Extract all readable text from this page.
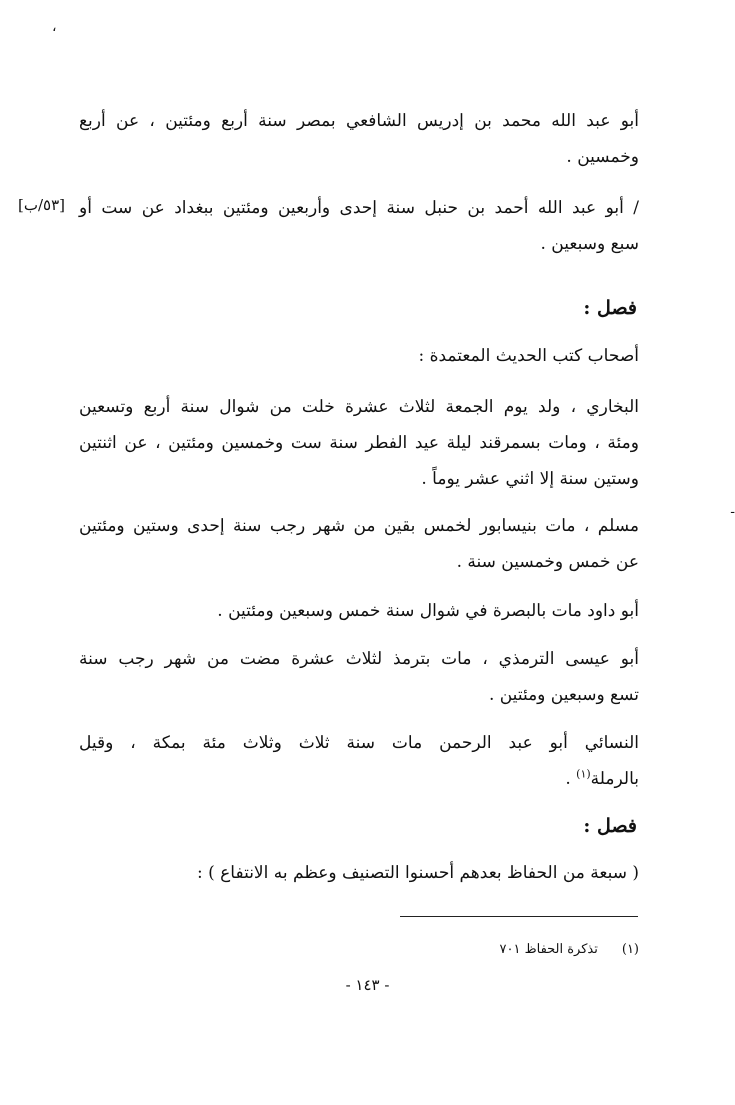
،
-
أبو عبد الله محمد بن إدريس الشافعي بمصر سنة أربع ومئتين ، عن أربع
وخمسين .
/ أبو عبد الله أحمد بن حنبل سنة إحدى وأربعين ومئتين ببغداد عن ست أو
سبع وسبعين .
[٥٣/ب]
فصل :
أصحاب كتب الحديث المعتمدة :
البخاري ، ولد يوم الجمعة لثلاث عشرة خلت من شوال سنة أربع وتسعين
ومئة ، ومات بسمرقند ليلة عيد الفطر سنة ست وخمسين ومئتين ، عن اثنتين
وستين سنة إلا اثني عشر يوماً .
مسلم ، مات بنيسابور لخمس بقين من شهر رجب سنة إحدى وستين ومئتين
عن خمس وخمسين سنة .
أبو داود مات بالبصرة في شوال سنة خمس وسبعين ومئتين .
أبو عيسى الترمذي ، مات بترمذ لثلاث عشرة مضت من شهر رجب سنة
تسع وسبعين ومئتين .
النسائي أبو عبد الرحمن مات سنة ثلاث وثلاث مئة بمكة ، وقيل
بالرملة$^{(١)}$ .
فصل :
( سبعة من الحفاظ بعدهم أحسنوا التصنيف وعظم به الانتفاع ) :
(١)تذكرة الحفاظ ٧٠١
- ١٤٣ -
